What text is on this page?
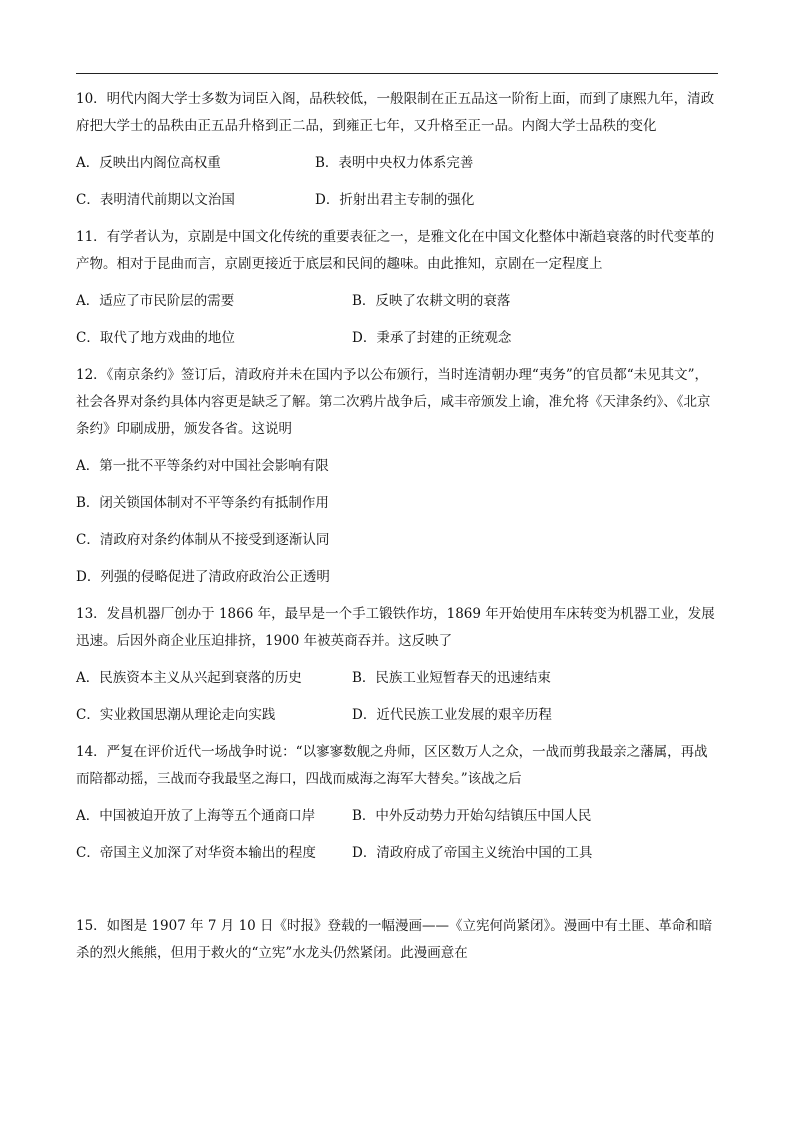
10．明代内阁大学士多数为词臣入阁，品秩较低，一般限制在正五品这一阶衔上面，而到了康熙九年，清政府把大学士的品秩由正五品升格到正二品，到雍正七年，又升格至正一品。内阁大学士品秩的变化

A．反映出内阁位高权重	B．表明中央权力体系完善
C．表明清代前期以文治国	D．折射出君主专制的强化

11．有学者认为，京剧是中国文化传统的重要表征之一，是雅文化在中国文化整体中渐趋衰落的时代变革的产物。相对于昆曲而言，京剧更接近于底层和民间的趣味。由此推知，京剧在一定程度上

A．适应了市民阶层的需要	B．反映了农耕文明的衰落
C．取代了地方戏曲的地位	D．秉承了封建的正统观念

12．《南京条约》签订后，清政府并未在国内予以公布颁行，当时连清朝办理“夷务”的官员都“未见其文”，社会各界对条约具体内容更是缺乏了解。第二次鸦片战争后，咸丰帝颁发上谕，准允将《天津条约》、《北京条约》印刷成册，颁发各省。这说明

A．第一批不平等条约对中国社会影响有限
B．闭关锁国体制对不平等条约有抵制作用
C．清政府对条约体制从不接受到逐渐认同
D．列强的侵略促进了清政府政治公正透明

13．发昌机器厂创办于 1866 年，最早是一个手工锻铁作坊，1869 年开始使用车床转变为机器工业，发展迅速。后因外商企业压迫排挤，1900 年被英商吞并。这反映了

A．民族资本主义从兴起到衰落的历史	B．民族工业短暂春天的迅速结束
C．实业救国思潮从理论走向实践	D．近代民族工业发展的艰辛历程

14．严复在评价近代一场战争时说：“以寥寥数舰之舟师，区区数万人之众，一战而剪我最亲之藩属，再战而陪都动摇，三战而夺我最坚之海口，四战而威海之海军大替矣。”该战之后

A．中国被迫开放了上海等五个通商口岸	B．中外反动势力开始勾结镇压中国人民
C．帝国主义加深了对华资本输出的程度	D．清政府成了帝国主义统治中国的工具

15．如图是 1907 年 7 月 10 日《时报》登载的一幅漫画——《立宪何尚紧闭》。漫画中有土匪、革命和暗杀的烈火熊熊，但用于救火的“立宪”水龙头仍然紧闭。此漫画意在
